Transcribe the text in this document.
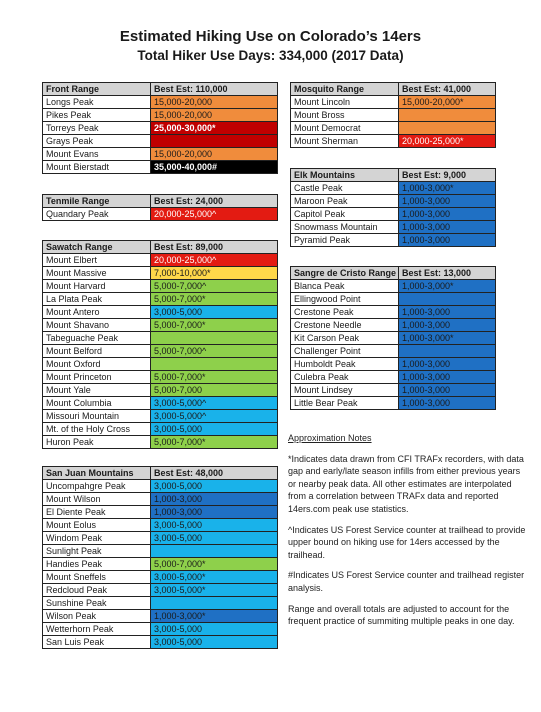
Estimated Hiking Use on Colorado’s 14ers
Total Hiker Use Days: 334,000 (2017 Data)
Front Range	Best Est: 110,000
Longs Peak	15,000-20,000
Pikes Peak	15,000-20,000
Torreys Peak	25,000-30,000*
Grays Peak	
Mount Evans	15,000-20,000
Mount Bierstadt	35,000-40,000#
Tenmile Range	Best Est: 24,000
Quandary Peak	20,000-25,000^
Sawatch Range	Best Est: 89,000
Mount Elbert	20,000-25,000^
Mount Massive	7,000-10,000*
Mount Harvard	5,000-7,000^
La Plata Peak	5,000-7,000*
Mount Antero	3,000-5,000
Mount Shavano	5,000-7,000*
Tabeguache Peak	
Mount Belford	5,000-7,000^
Mount Oxford	
Mount Princeton	5,000-7,000*
Mount Yale	5,000-7,000
Mount Columbia	3,000-5,000^
Missouri Mountain	3,000-5,000^
Mt. of the Holy Cross	3,000-5,000
Huron Peak	5,000-7,000*
San Juan Mountains	Best Est: 48,000
Uncompahgre Peak	3,000-5,000
Mount Wilson	1,000-3,000
El Diente Peak	1,000-3,000
Mount Eolus	3,000-5,000
Windom Peak	3,000-5,000
Sunlight Peak	
Handies Peak	5,000-7,000*
Mount Sneffels	3,000-5,000*
Redcloud Peak	3,000-5,000*
Sunshine Peak	
Wilson Peak	1,000-3,000*
Wetterhorn Peak	3,000-5,000
San Luis Peak	3,000-5,000
Mosquito Range	Best Est: 41,000
Mount Lincoln	15,000-20,000*
Mount Bross	
Mount Democrat	
Mount Sherman	20,000-25,000*
Elk Mountains	Best Est: 9,000
Castle Peak	1,000-3,000*
Maroon Peak	1,000-3,000
Capitol Peak	1,000-3,000
Snowmass Mountain	1,000-3,000
Pyramid Peak	1,000-3,000
Sangre de Cristo Range	Best Est: 13,000
Blanca Peak	1,000-3,000*
Ellingwood Point	
Crestone Peak	1,000-3,000
Crestone Needle	1,000-3,000
Kit Carson Peak	1,000-3,000*
Challenger Point	
Humboldt Peak	1,000-3,000
Culebra Peak	1,000-3,000
Mount Lindsey	1,000-3,000
Little Bear Peak	1,000-3,000
Approximation Notes

*Indicates data drawn from CFI TRAFx recorders, with data gap and early/late season infills from either previous years or nearby peak data. All other estimates are interpolated from a correlation between TRAFx data and reported 14ers.com peak use statistics.

^Indicates US Forest Service counter at trailhead to provide upper bound on hiking use for 14ers accessed by the trailhead.

#Indicates US Forest Service counter and trailhead register analysis.

Range and overall totals are adjusted to account for the frequent practice of summiting multiple peaks in one day.
